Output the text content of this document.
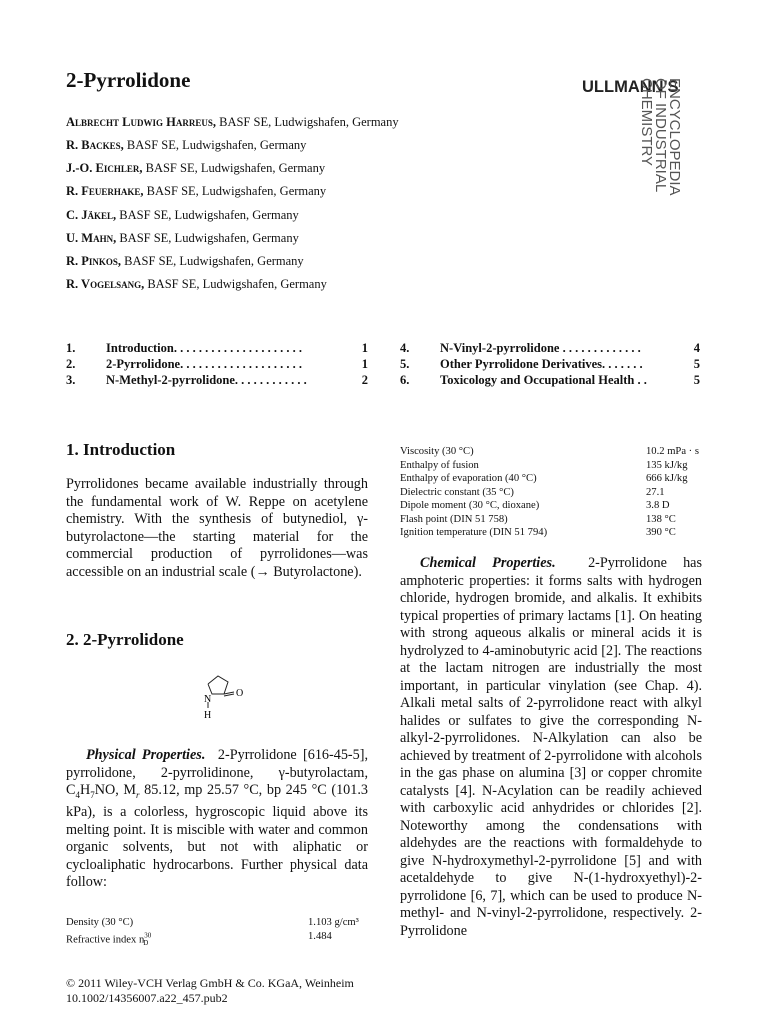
2-Pyrrolidone	ULLMANN'S
ENCYCLOPEDIA
OF INDUSTRIAL
CHEMISTRY
Albrecht Ludwig Harreus, BASF SE, Ludwigshafen, Germany
R. Backes, BASF SE, Ludwigshafen, Germany
J.-O. Eichler, BASF SE, Ludwigshafen, Germany
R. Feuerhake, BASF SE, Ludwigshafen, Germany
C. Jäkel, BASF SE, Ludwigshafen, Germany
U. Mahn, BASF SE, Ludwigshafen, Germany
R. Pinkos, BASF SE, Ludwigshafen, Germany
R. Vogelsang, BASF SE, Ludwigshafen, Germany
1. Introduction. . . . . . . . . . . . . . . . . . . . .	1
2. 2-Pyrrolidone. . . . . . . . . . . . . . . . . . . .	1
3. N-Methyl-2-pyrrolidone. . . . . . . . . . . .	2
4. N-Vinyl-2-pyrrolidone . . . . . . . . . . . . .	4
5. Other Pyrrolidone Derivatives. . . . . . .	5
6. Toxicology and Occupational Health . .	5
1. Introduction

Pyrrolidones became available industrially through the fundamental work of W. Reppe on acetylene chemistry. With the synthesis of butynediol, γ-butyrolactone—the starting material for the commercial production of pyrrolidones—was accessible on an industrial scale (→ Butyrolactone).

2. 2-Pyrrolidone
N
O
H

Physical Properties. 2-Pyrrolidone [616-45-5], pyrrolidone, 2-pyrrolidinone, γ-butyrolactam, $C_4H_7NO$, $M_r$ 85.12, mp 25.57 °C, bp 245 °C (101.3 kPa), is a colorless, hygroscopic liquid above its melting point. It is miscible with water and common organic solvents, but not with aliphatic or cycloaliphatic hydrocarbons. Further physical data follow:

Density (30 °C)	1.103 g/cm³
Refractive index $n^{30}_D$	1.484
Viscosity (30 °C)	10.2 mPa · s
Enthalpy of fusion	135 kJ/kg
Enthalpy of evaporation (40 °C)	666 kJ/kg
Dielectric constant (35 °C)	27.1
Dipole moment (30 °C, dioxane)	3.8 D
Flash point (DIN 51 758)	138 °C
Ignition temperature (DIN 51 794)	390 °C

Chemical Properties. 2-Pyrrolidone has amphoteric properties: it forms salts with hydrogen chloride, hydrogen bromide, and alkalis. It exhibits typical properties of primary lactams [1]. On heating with strong aqueous alkalis or mineral acids it is hydrolyzed to 4-aminobutyric acid [2]. The reactions at the lactam nitrogen are industrially the most important, in particular vinylation (see Chap. 4). Alkali metal salts of 2-pyrrolidone react with alkyl halides or sulfates to give the corresponding N-alkyl-2-pyrrolidones. N-Alkylation can also be achieved by treatment of 2-pyrrolidone with alcohols in the gas phase on alumina [3] or copper chromite catalysts [4]. N-Acylation can be readily achieved with carboxylic acid anhydrides or chlorides [2]. Noteworthy among the condensations with aldehydes are the reactions with formaldehyde to give N-hydroxymethyl-2-pyrrolidone [5] and with acetaldehyde to give N-(1-hydroxyethyl)-2-pyrrolidone [6, 7], which can be used to produce N-methyl- and N-vinyl-2-pyrrolidone, respectively. 2-Pyrrolidone

© 2011 Wiley-VCH Verlag GmbH & Co. KGaA, Weinheim
10.1002/14356007.a22_457.pub2
